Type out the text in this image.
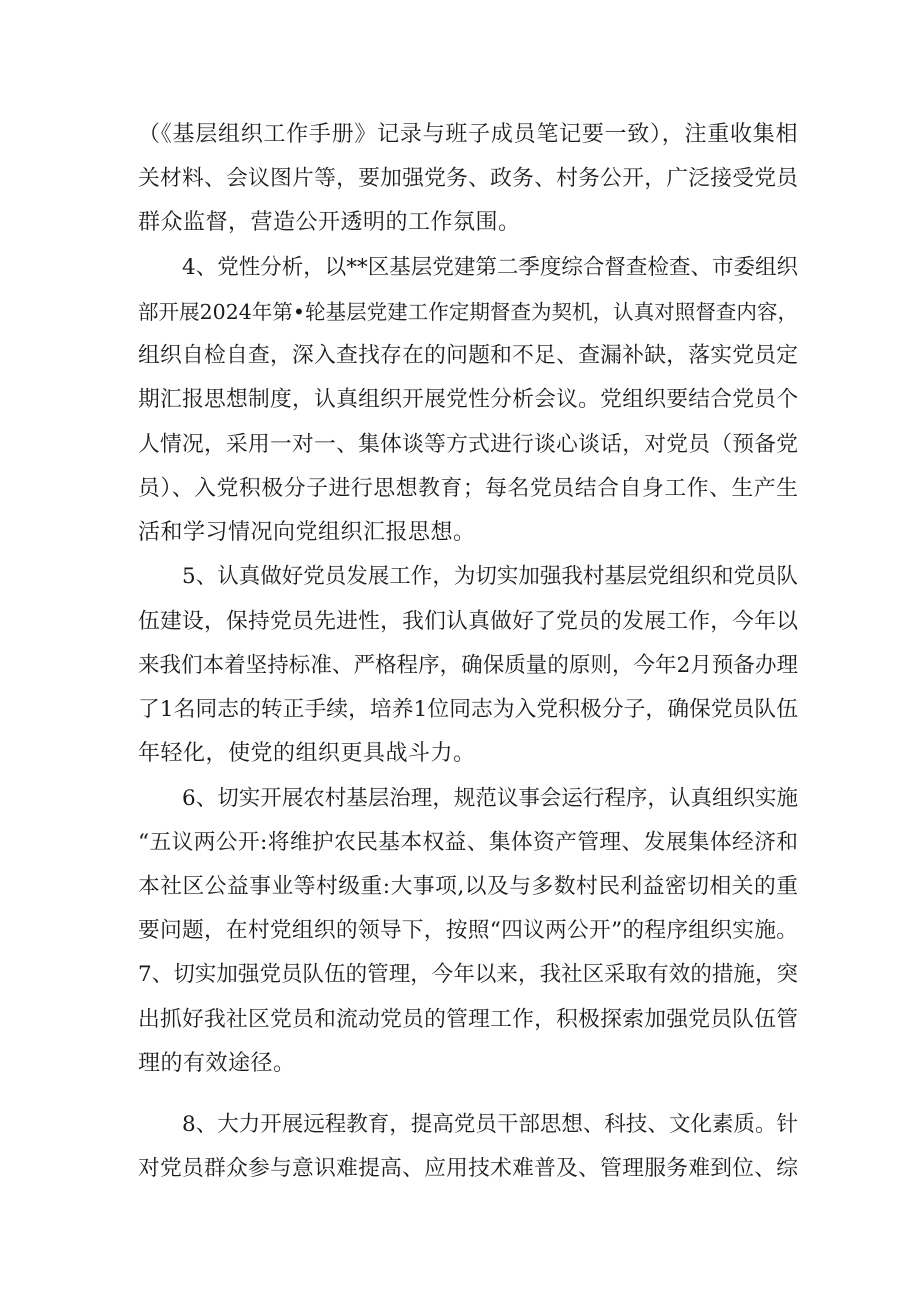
（《基层组织工作手册》记录与班子成员笔记要一致），注重收集相
关材料、会议图片等，要加强党务、政务、村务公开，广泛接受党员
群众监督，营造公开透明的工作氛围。
4、党性分析，以**区基层党建第二季度综合督查检查、市委组织
部开展2024年第•轮基层党建工作定期督查为契机，认真对照督查内容，
组织自检自查，深入查找存在的问题和不足、查漏补缺，落实党员定
期汇报思想制度，认真组织开展党性分析会议。党组织要结合党员个
人情况，采用一对一、集体谈等方式进行谈心谈话，对党员（预备党
员）、入党积极分子进行思想教育；每名党员结合自身工作、生产生
活和学习情况向党组织汇报思想。
5、认真做好党员发展工作，为切实加强我村基层党组织和党员队
伍建设，保持党员先进性，我们认真做好了党员的发展工作，今年以
来我们本着坚持标准、严格程序，确保质量的原则，今年2月预备办理
了1名同志的转正手续，培养1位同志为入党积极分子，确保党员队伍
年轻化，使党的组织更具战斗力。
6、切实开展农村基层治理，规范议事会运行程序，认真组织实施
“五议两公开:将维护农民基本权益、集体资产管理、发展集体经济和
本社区公益事业等村级重:大事项,以及与多数村民利益密切相关的重
要问题，在村党组织的领导下，按照“四议两公开”的程序组织实施。
7、切实加强党员队伍的管理，今年以来，我社区采取有效的措施，突
出抓好我社区党员和流动党员的管理工作，积极探索加强党员队伍管
理的有效途径。
8、大力开展远程教育，提高党员干部思想、科技、文化素质。针
对党员群众参与意识难提高、应用技术难普及、管理服务难到位、综
